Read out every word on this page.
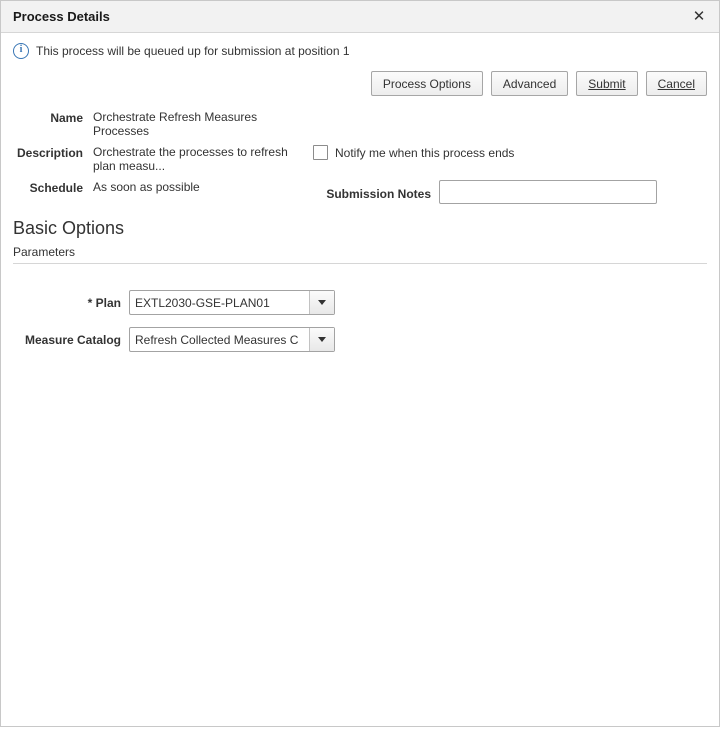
Process Details	✕
i	This process will be queued up for submission at position 1
Process Options	Advanced	Submit	Cancel
Name Orchestrate Refresh Measures Processes
Description Orchestrate the processes to refresh plan measu...
Notify me when this process ends
Schedule As soon as possible	Submission Notes
Basic Options
Parameters
* Plan	EXTL2030-GSE-PLAN01
Measure Catalog	Refresh Collected Measures C
